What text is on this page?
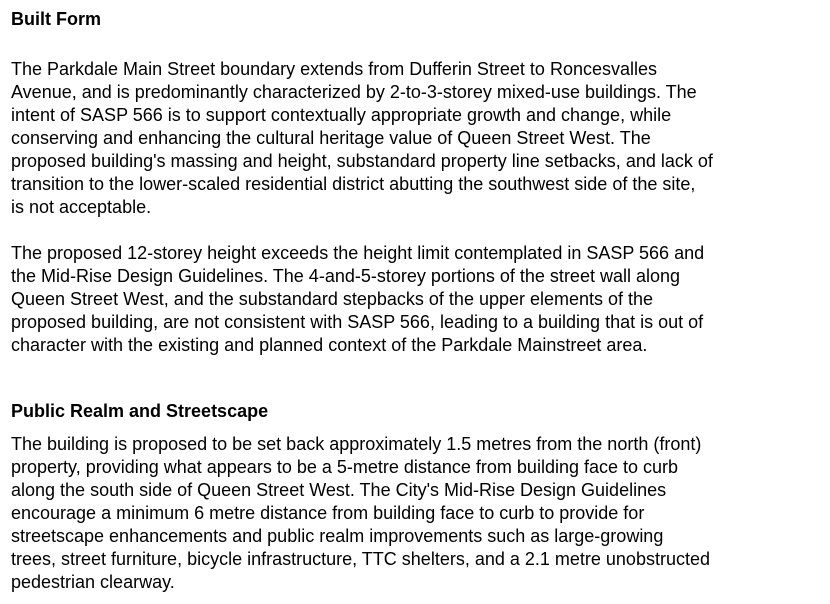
Built Form

The Parkdale Main Street boundary extends from Dufferin Street to Roncesvalles
Avenue, and is predominantly characterized by 2-to-3-storey mixed-use buildings. The
intent of SASP 566 is to support contextually appropriate growth and change, while
conserving and enhancing the cultural heritage value of Queen Street West. The
proposed building's massing and height, substandard property line setbacks, and lack of
transition to the lower-scaled residential district abutting the southwest side of the site,
is not acceptable.

The proposed 12-storey height exceeds the height limit contemplated in SASP 566 and
the Mid-Rise Design Guidelines. The 4-and-5-storey portions of the street wall along
Queen Street West, and the substandard stepbacks of the upper elements of the
proposed building, are not consistent with SASP 566, leading to a building that is out of
character with the existing and planned context of the Parkdale Mainstreet area.

Public Realm and Streetscape

The building is proposed to be set back approximately 1.5 metres from the north (front)
property, providing what appears to be a 5-metre distance from building face to curb
along the south side of Queen Street West. The City's Mid-Rise Design Guidelines
encourage a minimum 6 metre distance from building face to curb to provide for
streetscape enhancements and public realm improvements such as large-growing
trees, street furniture, bicycle infrastructure, TTC shelters, and a 2.1 metre unobstructed
pedestrian clearway.
